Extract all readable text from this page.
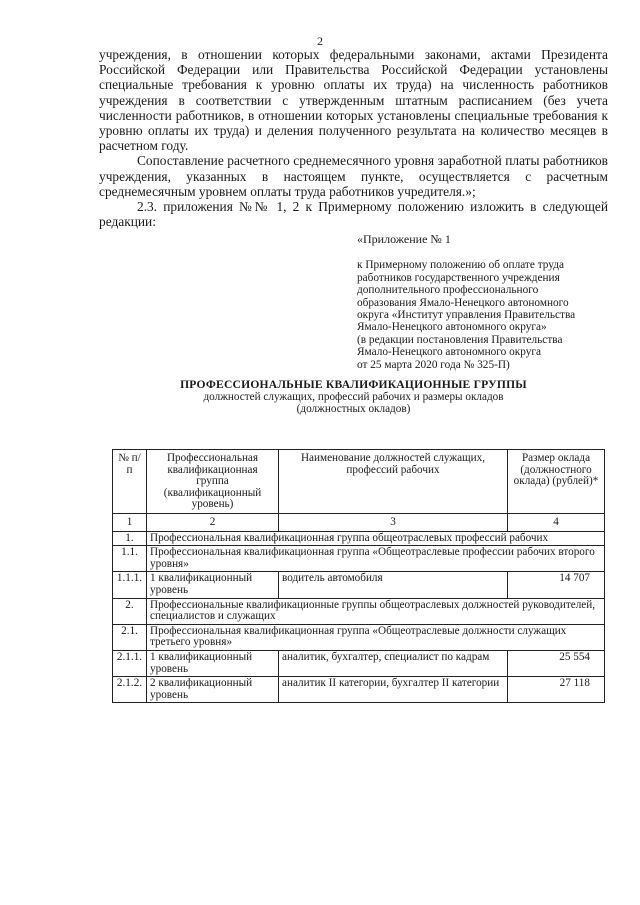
2

учреждения, в отношении которых федеральными законами, актами Президента Российской Федерации или Правительства Российской Федерации установлены специальные требования к уровню оплаты их труда) на численность работников учреждения в соответствии с утвержденным штатным расписанием (без учета численности работников, в отношении которых установлены специальные требования к уровню оплаты их труда) и деления полученного результата на количество месяцев в расчетном году.

Сопоставление расчетного среднемесячного уровня заработной платы работников учреждения, указанных в настоящем пункте, осуществляется с расчетным среднемесячным уровнем оплаты труда работников учредителя.»;

2.3. приложения №№ 1, 2 к Примерному положению изложить в следующей редакции:

«Приложение № 1
к Примерному положению об оплате труда
работников государственного учреждения
дополнительного профессионального
образования Ямало-Ненецкого автономного
округа «Институт управления Правительства
Ямало-Ненецкого автономного округа»
(в редакции постановления Правительства
Ямало-Ненецкого автономного округа
от 25 марта 2020 года № 325-П)
ПРОФЕССИОНАЛЬНЫЕ КВАЛИФИКАЦИОННЫЕ ГРУППЫ
должностей служащих, профессий рабочих и размеры окладов
(должностных окладов)
№ п/п	Профессиональная квалификационная группа (квалификационный уровень)	Наименование должностей служащих, профессий рабочих	Размер оклада (должностного оклада) (рублей)*
1	2	3	4
1.	Профессиональная квалификационная группа общеотраслевых профессий рабочих		
1.1.	Профессиональная квалификационная группа «Общеотраслевые профессии рабочих второго уровня»		
1.1.1.	1 квалификационный уровень	водитель автомобиля	14 707
2.	Профессиональные квалификационные группы общеотраслевых должностей руководителей, специалистов и служащих		
2.1.	Профессиональная квалификационная группа «Общеотраслевые должности служащих третьего уровня»		
2.1.1.	1 квалификационный уровень	аналитик, бухгалтер, специалист по кадрам	25 554
2.1.2.	2 квалификационный уровень	аналитик II категории, бухгалтер II категории	27 118
